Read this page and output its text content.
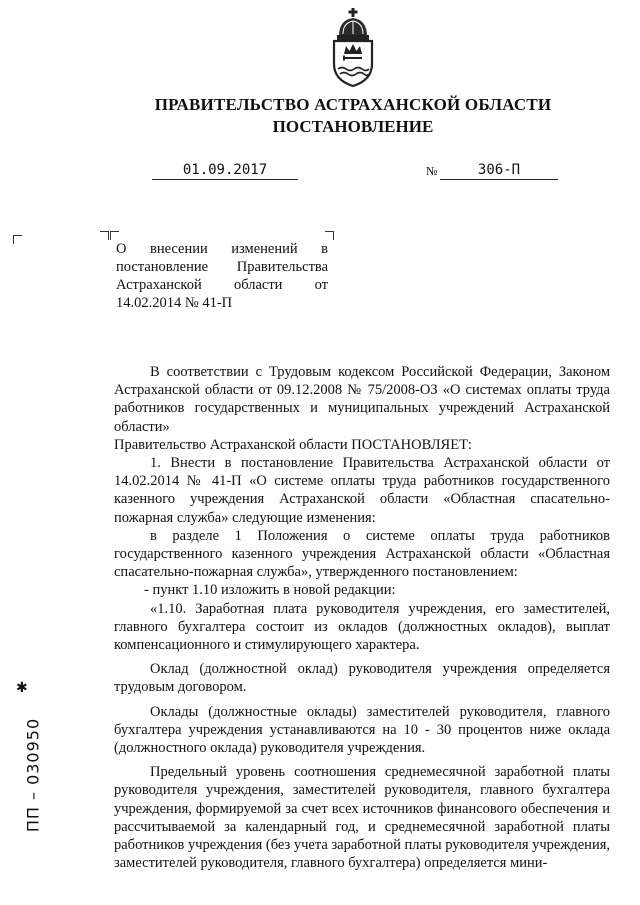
ПРАВИТЕЛЬСТВО АСТРАХАНСКОЙ ОБЛАСТИ
ПОСТАНОВЛЕНИЕ
01.09.2017	№	306-П
О внесении изменений в постановление Правительства Астраханской области от 14.02.2014 № 41-П

В соответствии с Трудовым кодексом Российской Федерации, Законом Астраханской области от 09.12.2008 № 75/2008-ОЗ «О системах оплаты труда работников государственных и муниципальных учреждений Астраханской области»

Правительство Астраханской области ПОСТАНОВЛЯЕТ:

1. Внести в постановление Правительства Астраханской области от 14.02.2014 № 41-П «О системе оплаты труда работников государственного казенного учреждения Астраханской области «Областная спасательно-пожарная служба» следующие изменения:

в разделе 1 Положения о системе оплаты труда работников государственного казенного учреждения Астраханской области «Областная спасательно-пожарная служба», утвержденного постановлением:

- пункт 1.10 изложить в новой редакции:

«1.10. Заработная плата руководителя учреждения, его заместителей, главного бухгалтера состоит из окладов (должностных окладов), выплат компенсационного и стимулирующего характера.

Оклад (должностной оклад) руководителя учреждения определяется трудовым договором.

Оклады (должностные оклады) заместителей руководителя, главного бухгалтера учреждения устанавливаются на 10 - 30 процентов ниже оклада (должностного оклада) руководителя учреждения.

Предельный уровень соотношения среднемесячной заработной платы руководителя учреждения, заместителей руководителя, главного бухгалтера учреждения, формируемой за счет всех источников финансового обеспечения и рассчитываемой за календарный год, и среднемесячной заработной платы работников учреждения (без учета заработной платы руководителя учреждения, заместителей руководителя, главного бухгалтера) определяется мини-

✱
ПП – 030950
